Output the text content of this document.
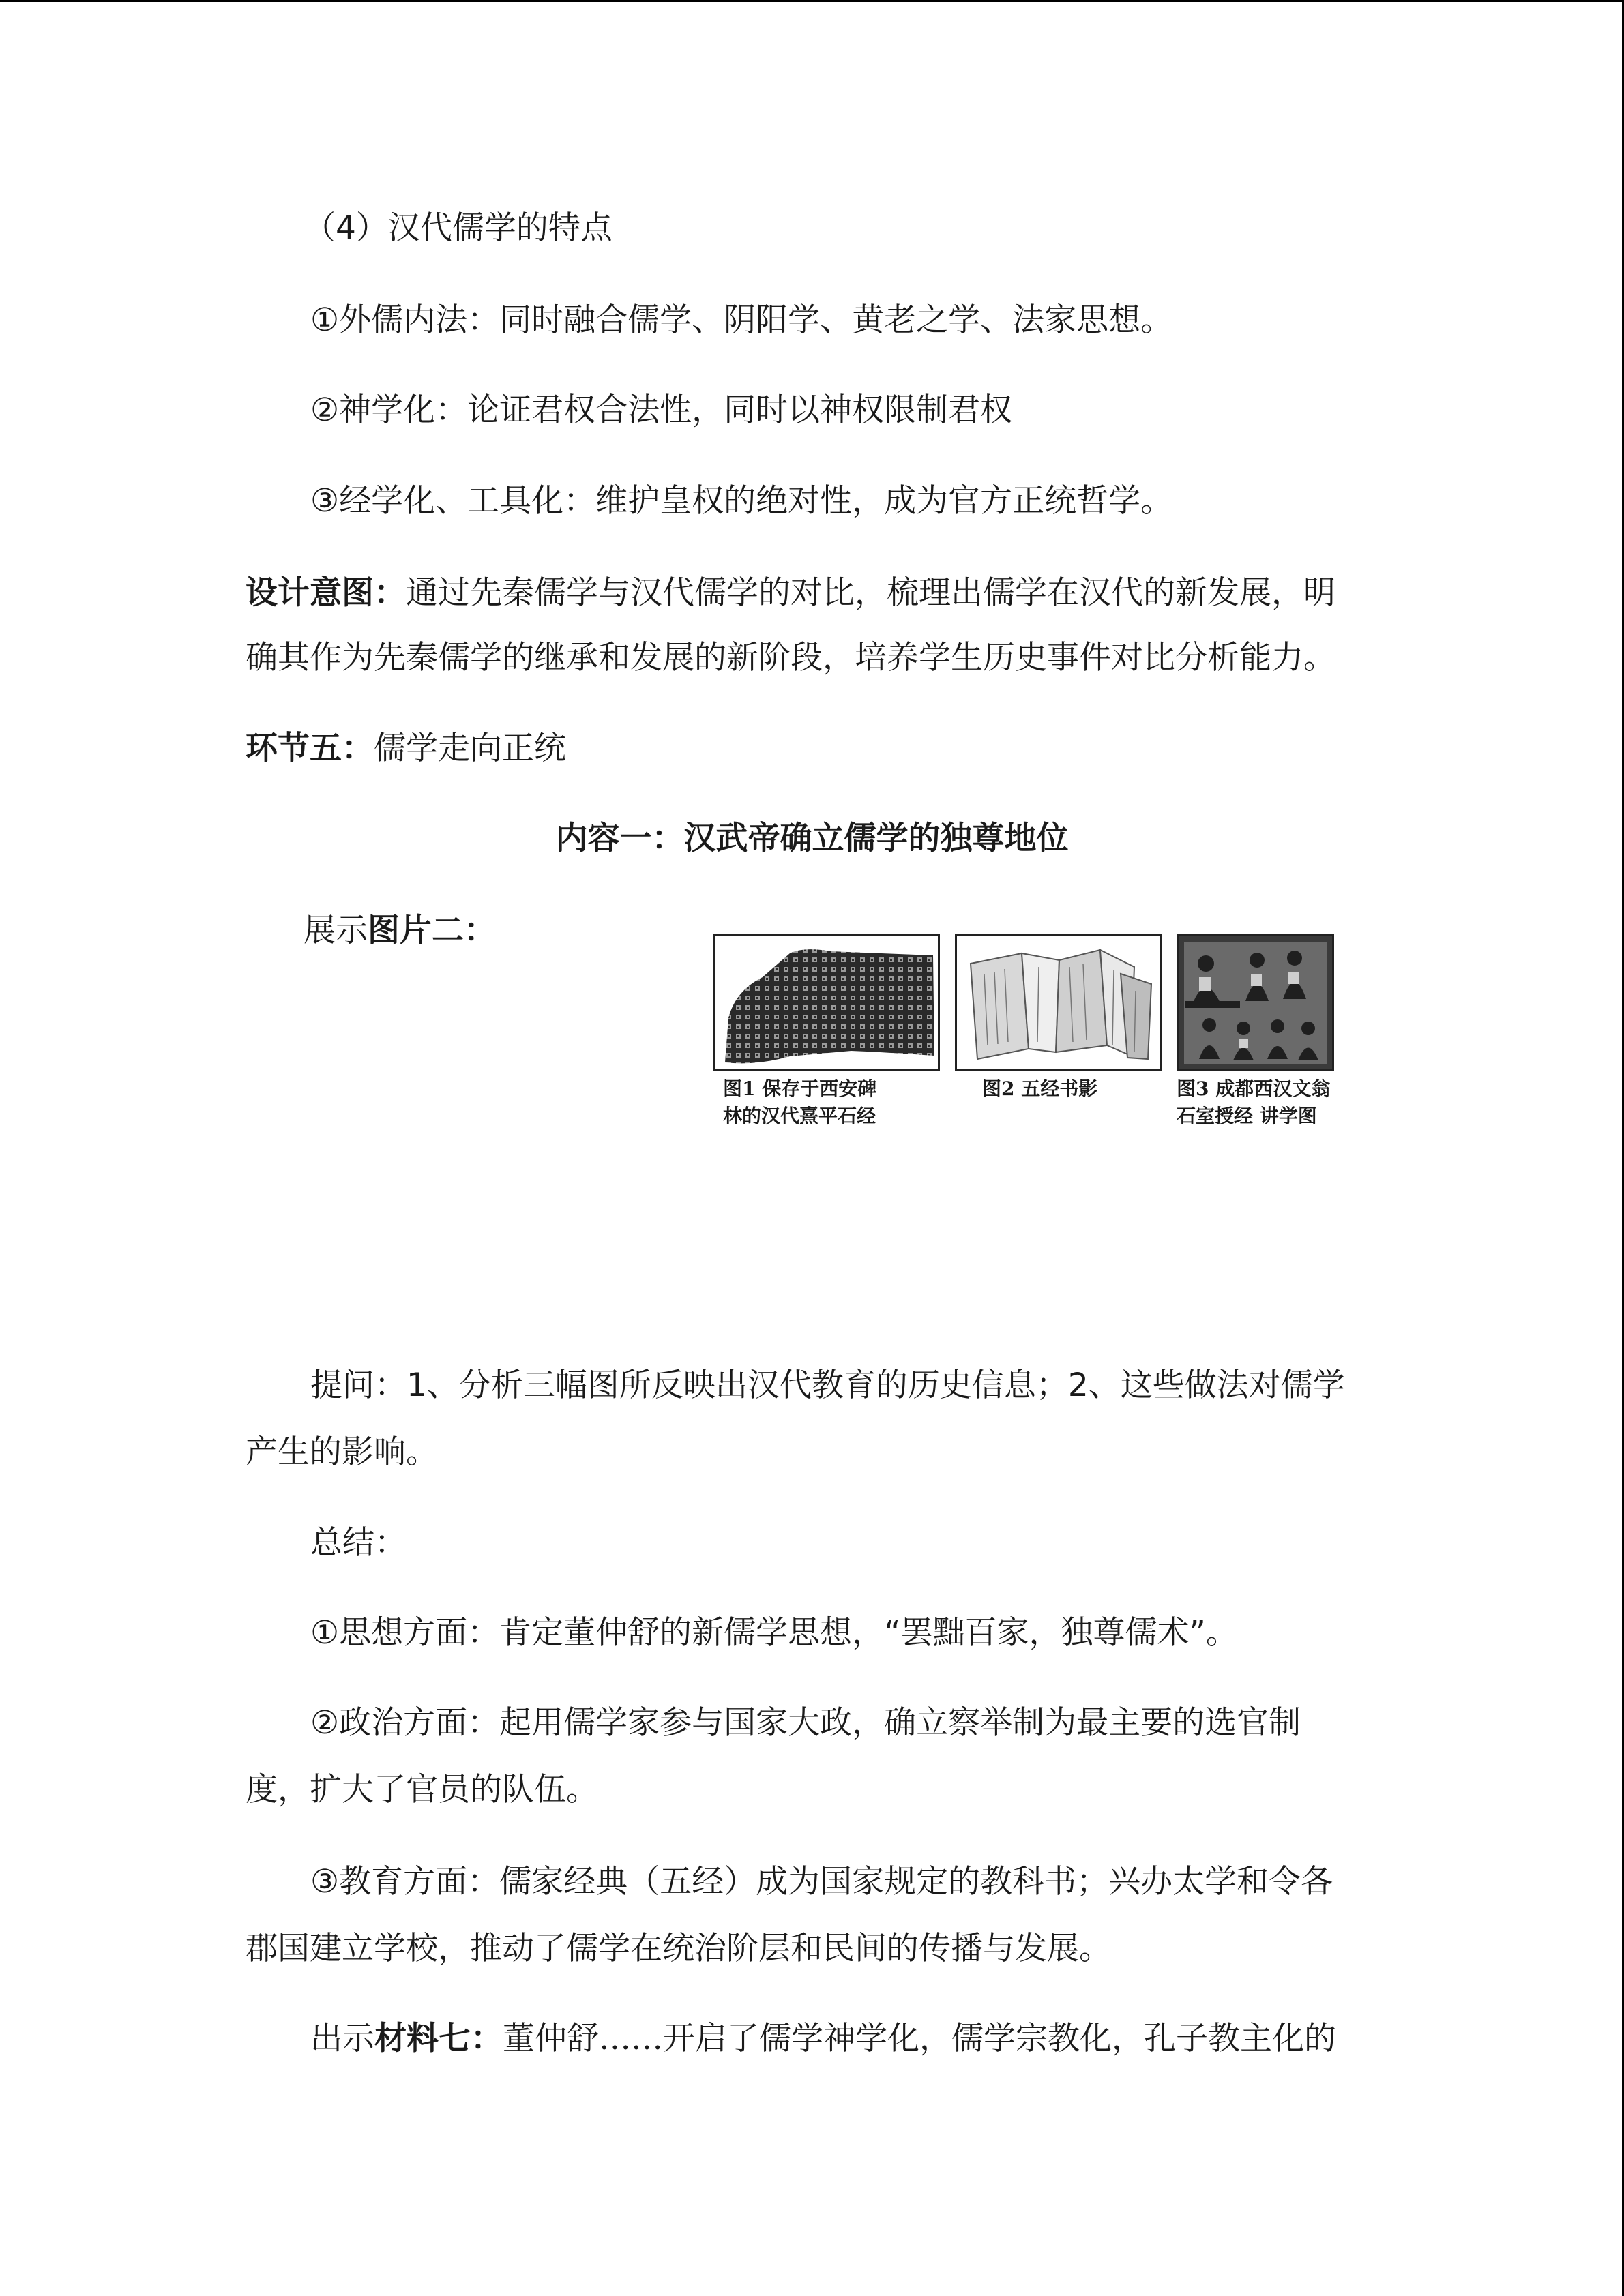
（4）汉代儒学的特点
①外儒内法：同时融合儒学、阴阳学、黄老之学、法家思想。
②神学化：论证君权合法性，同时以神权限制君权
③经学化、工具化：维护皇权的绝对性，成为官方正统哲学。
设计意图：通过先秦儒学与汉代儒学的对比，梳理出儒学在汉代的新发展，明
确其作为先秦儒学的继承和发展的新阶段，培养学生历史事件对比分析能力。
环节五：儒学走向正统
内容一：汉武帝确立儒学的独尊地位
展示图片二：
图1 保存于西安碑
林的汉代熹平石经
图2 五经书影	图3 成都西汉文翁
石室授经 讲学图
提问：1、分析三幅图所反映出汉代教育的历史信息；2、这些做法对儒学
产生的影响。
总结：
①思想方面：肯定董仲舒的新儒学思想，“罢黜百家，独尊儒术”。
②政治方面：起用儒学家参与国家大政，确立察举制为最主要的选官制
度，扩大了官员的队伍。
③教育方面：儒家经典（五经）成为国家规定的教科书；兴办太学和令各
郡国建立学校，推动了儒学在统治阶层和民间的传播与发展。
出示材料七：董仲舒……开启了儒学神学化，儒学宗教化，孔子教主化的
